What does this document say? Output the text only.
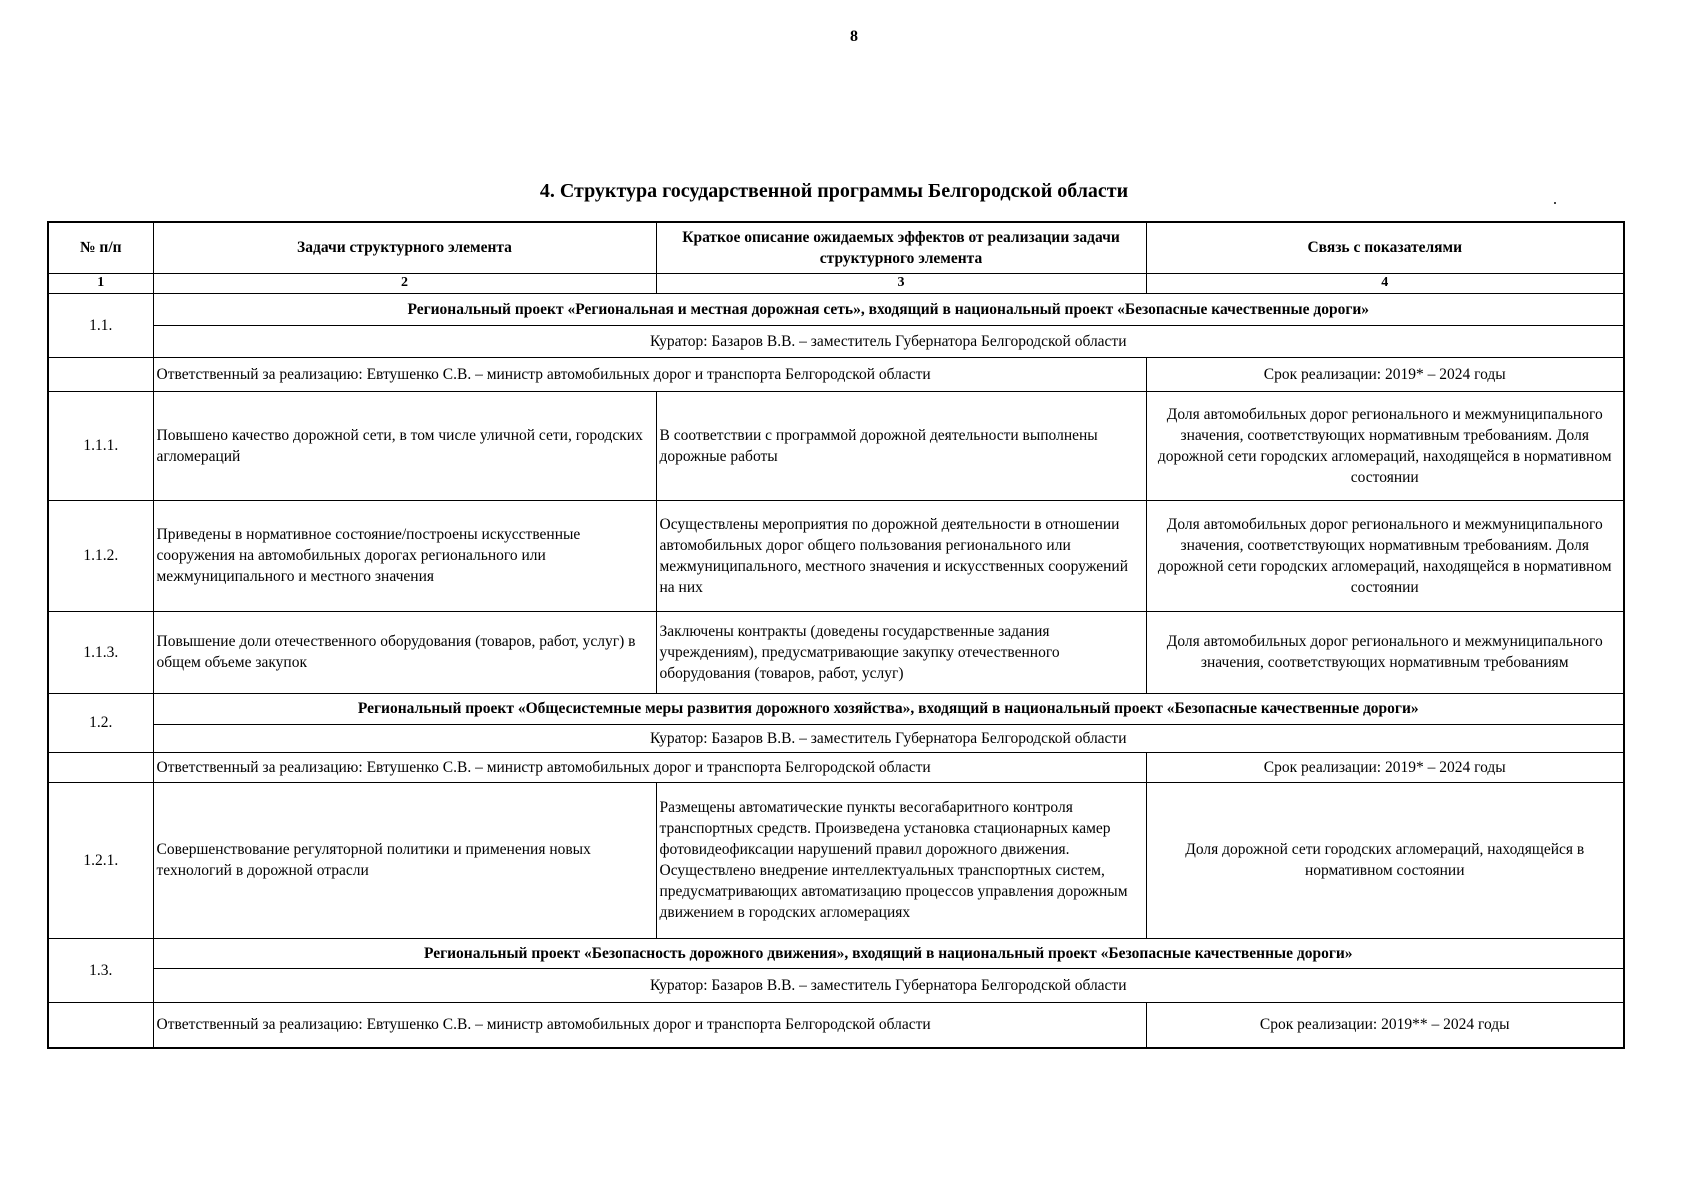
8
4. Структура государственной программы Белгородской области
№ п/п	Задачи структурного элемента	Краткое описание ожидаемых эффектов от реализации задачи структурного элемента	Связь с показателями
1	2	3	4
1.1.	Региональный проект «Региональная и местная дорожная сеть», входящий в национальный проект «Безопасные качественные дороги»		
	Куратор: Базаров В.В. – заместитель Губернатора Белгородской области		
	Ответственный за реализацию: Евтушенко С.В. – министр автомобильных дорог и транспорта Белгородской области		Срок реализации: 2019* – 2024 годы
1.1.1.	Повышено качество дорожной сети, в том числе уличной сети, городских агломераций	В соответствии с программой дорожной деятельности выполнены дорожные работы	Доля автомобильных дорог регионального и межмуниципального значения, соответствующих нормативным требованиям. Доля дорожной сети городских агломераций, находящейся в нормативном состоянии
1.1.2.	Приведены в нормативное состояние/построены искусственные сооружения на автомобильных дорогах регионального или межмуниципального и местного значения	Осуществлены мероприятия по дорожной деятельности в отношении автомобильных дорог общего пользования регионального или межмуниципального, местного значения и искусственных сооружений на них	Доля автомобильных дорог регионального и межмуниципального значения, соответствующих нормативным требованиям. Доля дорожной сети городских агломераций, находящейся в нормативном состоянии
1.1.3.	Повышение доли отечественного оборудования (товаров, работ, услуг) в общем объеме закупок	Заключены контракты (доведены государственные задания учреждениям), предусматривающие закупку отечественного оборудования (товаров, работ, услуг)	Доля автомобильных дорог регионального и межмуниципального значения, соответствующих нормативным требованиям
1.2.	Региональный проект «Общесистемные меры развития дорожного хозяйства», входящий в национальный проект «Безопасные качественные дороги»		
	Куратор: Базаров В.В. – заместитель Губернатора Белгородской области		
	Ответственный за реализацию: Евтушенко С.В. – министр автомобильных дорог и транспорта Белгородской области		Срок реализации: 2019* – 2024 годы
1.2.1.	Совершенствование регуляторной политики и применения новых технологий в дорожной отрасли	Размещены автоматические пункты весогабаритного контроля транспортных средств. Произведена установка стационарных камер фотовидеофиксации нарушений правил дорожного движения. Осуществлено внедрение интеллектуальных транспортных систем, предусматривающих автоматизацию процессов управления дорожным движением в городских агломерациях	Доля дорожной сети городских агломераций, находящейся в нормативном состоянии
1.3.	Региональный проект «Безопасность дорожного движения», входящий в национальный проект «Безопасные качественные дороги»		
	Куратор: Базаров В.В. – заместитель Губернатора Белгородской области		
	Ответственный за реализацию: Евтушенко С.В. – министр автомобильных дорог и транспорта Белгородской области		Срок реализации: 2019** – 2024 годы
